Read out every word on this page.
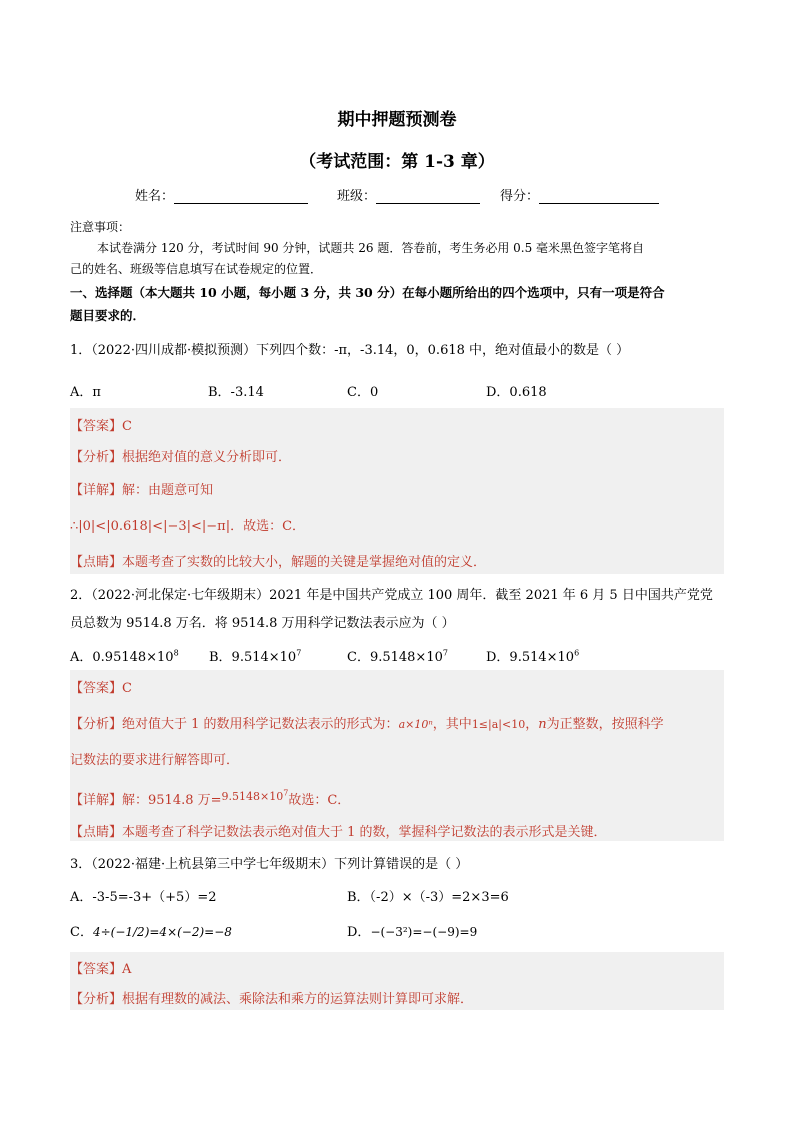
期中押题预测卷
（考试范围：第 1-3 章）
姓名：	班级：	得分：
注意事项：
本试卷满分 120 分，考试时间 90 分钟，试题共 26 题．答卷前，考生务必用 0.5 毫米黑色签字笔将自
己的姓名、班级等信息填写在试卷规定的位置．
一、选择题（本大题共 10 小题，每小题 3 分，共 30 分）在每小题所给出的四个选项中，只有一项是符合
题目要求的．
1．（2022·四川成都·模拟预测）下列四个数：-π，-3.14，0，0.618 中，绝对值最小的数是（ ）
A．π	B．-3.14	C．0	D．0.618
【答案】C
【分析】根据绝对值的意义分析即可．
【详解】解：由题意可知
∴|0|<|0.618|<|−3|<|−π|．故选：C．
【点睛】本题考查了实数的比较大小，解题的关键是掌握绝对值的定义．
2．（2022·河北保定·七年级期末）2021 年是中国共产党成立 100 周年．截至 2021 年 6 月 5 日中国共产党党
员总数为 9514.8 万名．将 9514.8 万用科学记数法表示应为（ ）
A．$0.95148\times 10^8$ B．$9.514\times 10^7$	C．$9.5148\times 10^7$	D．$9.514\times 10^6$
【答案】C
【分析】绝对值大于 1 的数用科学记数法表示的形式为：a×10ⁿ，其中1≤|a|<10，n为正整数，按照科学
记数法的要求进行解答即可．
【详解】解：9514.8 万=$^{9.5148\times 10^7}$故选：C．
【点睛】本题考查了科学记数法表示绝对值大于 1 的数，掌握科学记数法的表示形式是关键．
3．（2022·福建·上杭县第三中学七年级期末）下列计算错误的是（ ）
A．-3-5=-3+（+5）=2	B．（-2）×（-3）=2×3=6
C．4÷(−1/2)=4×(−2)=−8	D．−(−3²)=−(−9)=9
【答案】A
【分析】根据有理数的减法、乘除法和乘方的运算法则计算即可求解．
